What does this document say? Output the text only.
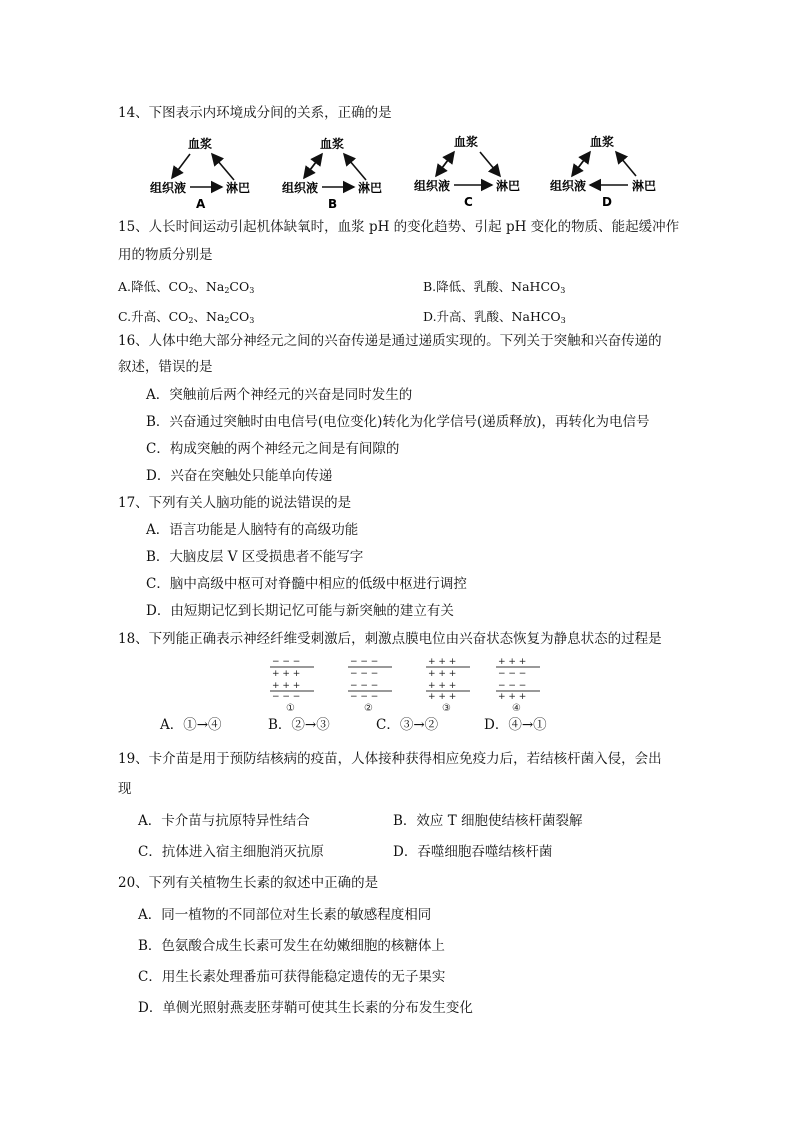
14、下图表示内环境成分间的关系，正确的是
血浆
组织液	淋巴
A
血浆
组织液	淋巴
B
血浆
组织液	淋巴
C
血浆
组织液	淋巴
D
15、人长时间运动引起机体缺氧时，血浆 pH 的变化趋势、引起 pH 变化的物质、能起缓冲作
用的物质分别是
A.降低、$CO_2$、$Na_2CO_3$	B.降低、乳酸、NaHCO$_3$
C.升高、$CO_2$、$Na_2CO_3$	D.升高、乳酸、NaHCO$_3$
16、人体中绝大部分神经元之间的兴奋传递是通过递质实现的。下列关于突触和兴奋传递的
叙述，错误的是
A．突触前后两个神经元的兴奋是同时发生的
B．兴奋通过突触时由电信号(电位变化)转化为化学信号(递质释放)，再转化为电信号
C．构成突触的两个神经元之间是有间隙的
D．兴奋在突触处只能单向传递
17、下列有关人脑功能的说法错误的是
A．语言功能是人脑特有的高级功能
B．大脑皮层 V 区受损患者不能写字
C．脑中高级中枢可对脊髓中相应的低级中枢进行调控
D．由短期记忆到长期记忆可能与新突触的建立有关
18、下列能正确表示神经纤维受刺激后，刺激点膜电位由兴奋状态恢复为静息状态的过程是
− − −
+ + +
+ + +
− − −
①
− − −
− − −
− − −
− − −
②
+ + +
+ + +
+ + +
+ + +
③
+ + +
− − −
− − −
+ + +
④
A．①→④	B．②→③	C．③→②	D．④→①
19、卡介苗是用于预防结核病的疫苗，人体接种获得相应免疫力后，若结核杆菌入侵，会出
现
A．卡介苗与抗原特异性结合	B．效应 T 细胞使结核杆菌裂解
C．抗体进入宿主细胞消灭抗原	D．吞噬细胞吞噬结核杆菌
20、下列有关植物生长素的叙述中正确的是
A．同一植物的不同部位对生长素的敏感程度相同
B．色氨酸合成生长素可发生在幼嫩细胞的核糖体上
C．用生长素处理番茄可获得能稳定遗传的无子果实
D．单侧光照射燕麦胚芽鞘可使其生长素的分布发生变化
